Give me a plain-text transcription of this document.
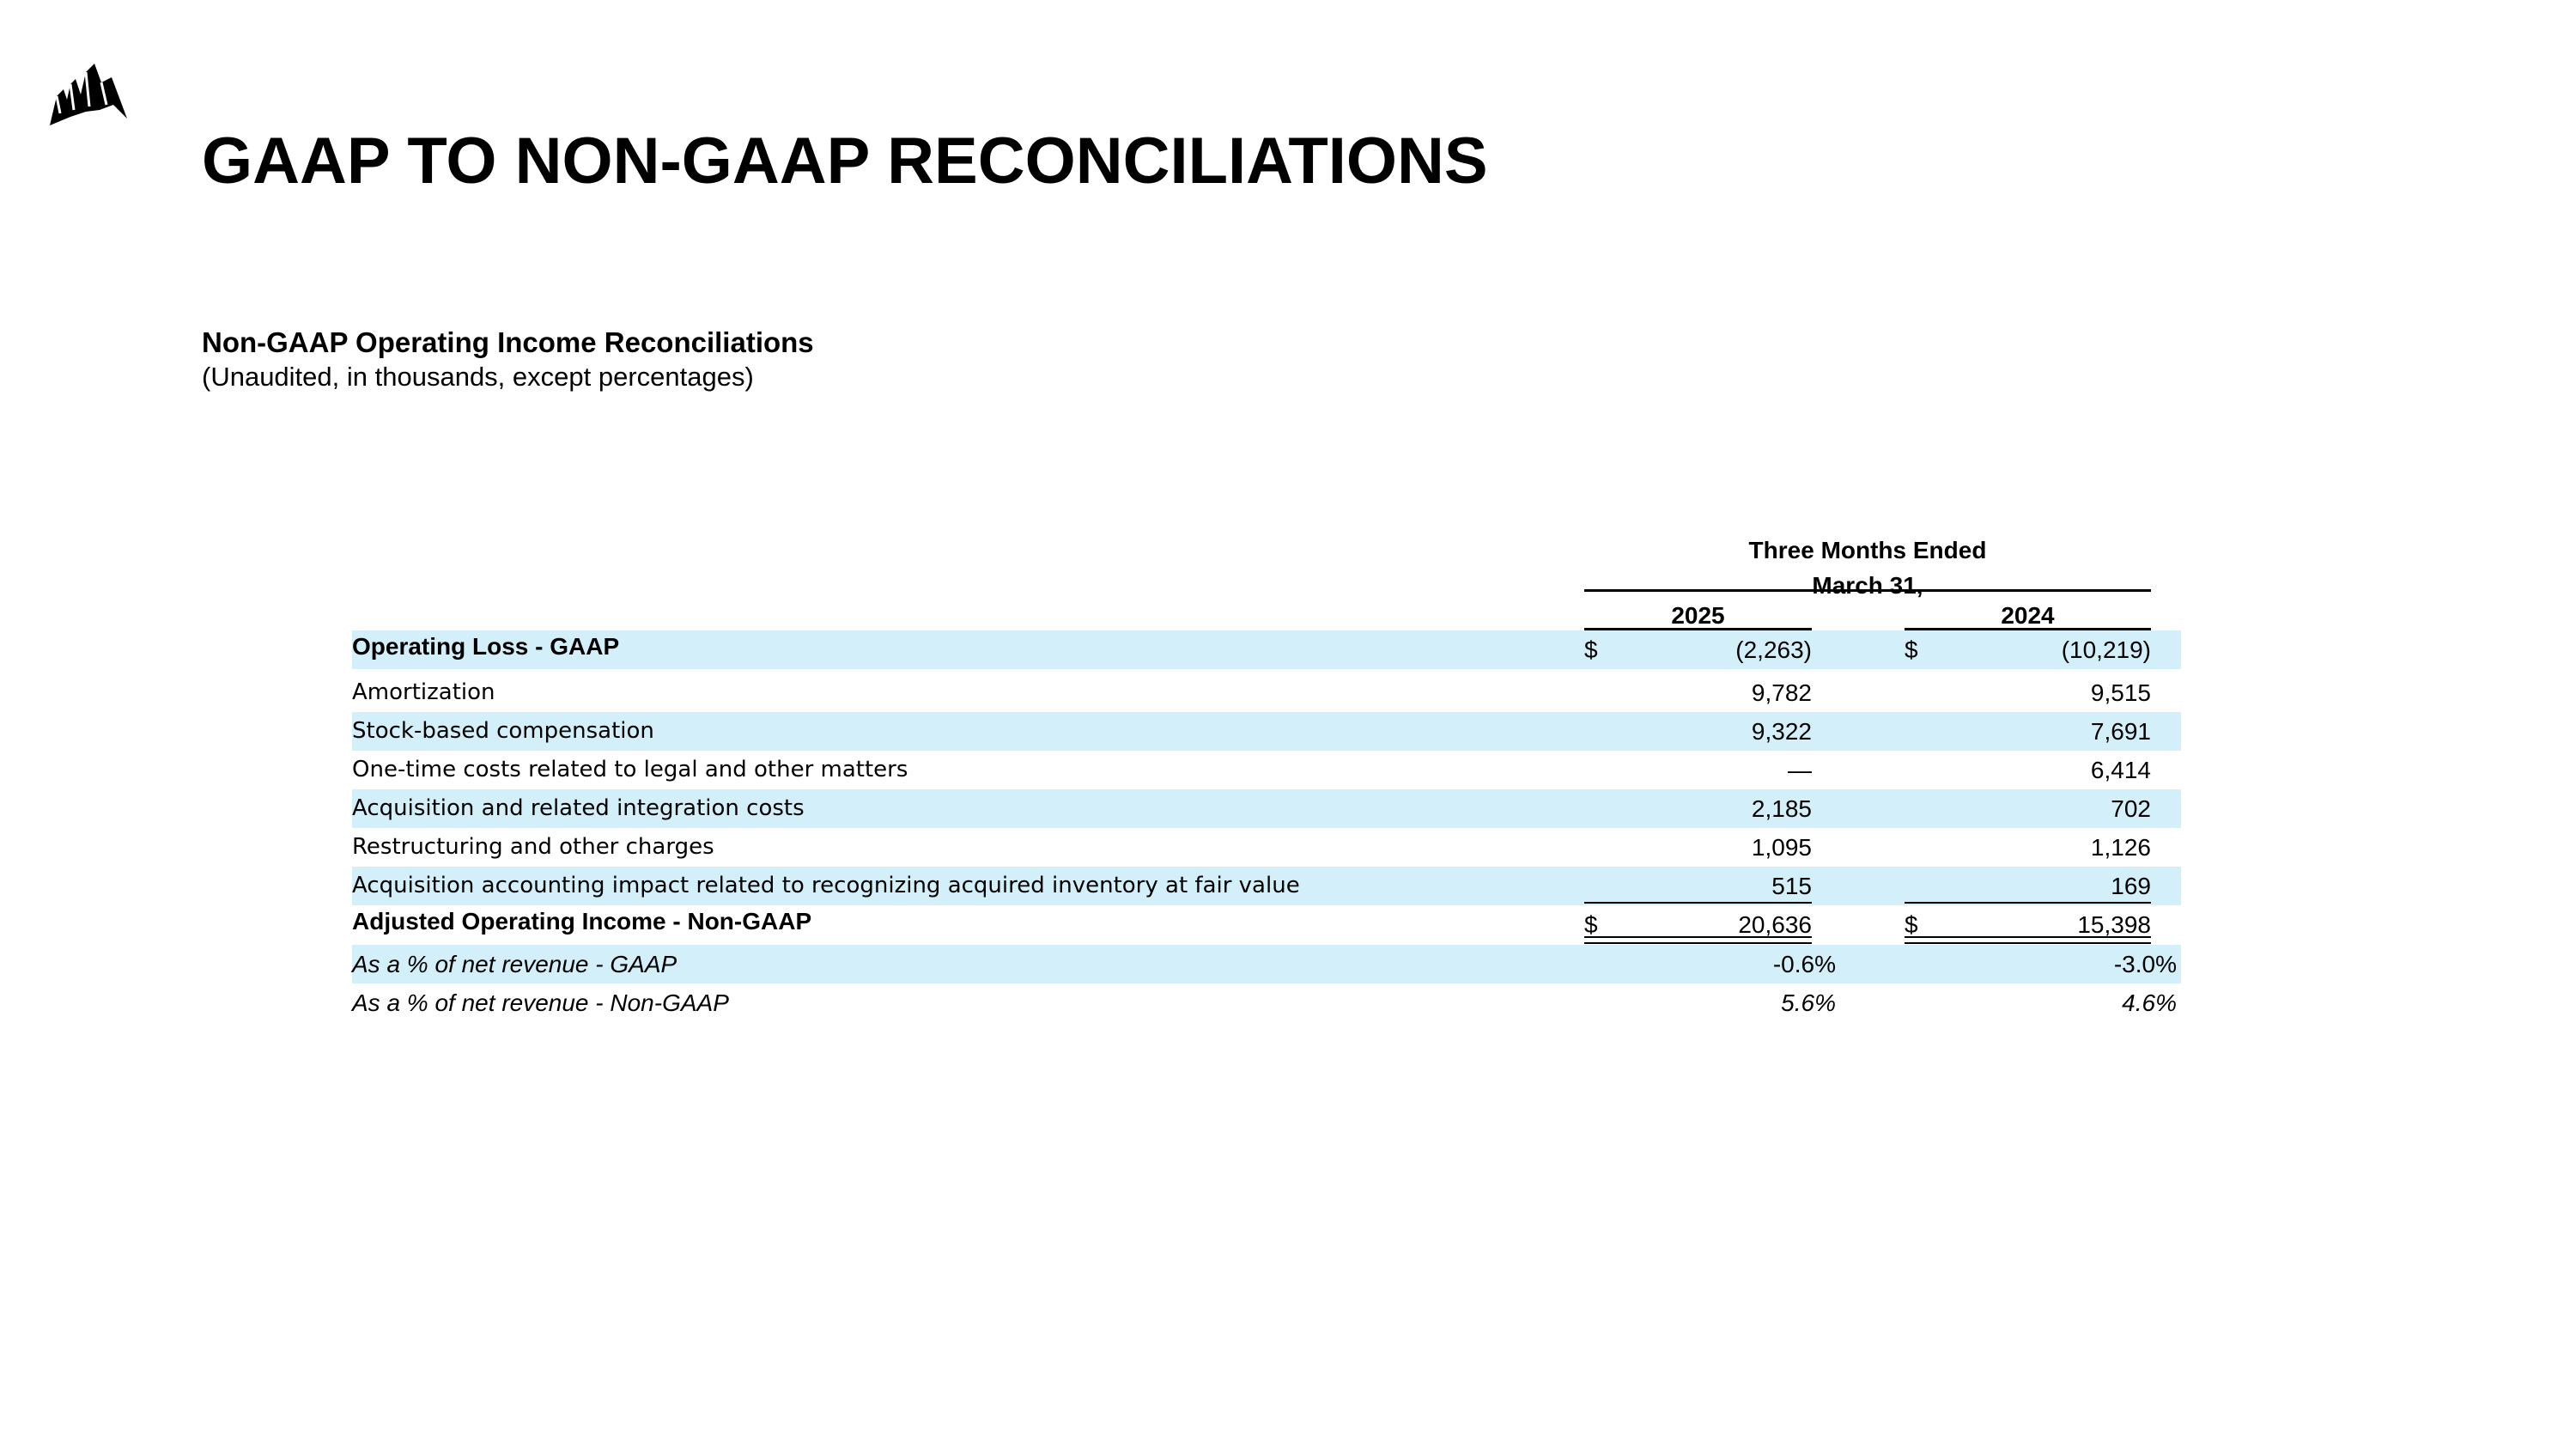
GAAP TO NON-GAAP RECONCILIATIONS
Non-GAAP Operating Income Reconciliations
(Unaudited, in thousands, except percentages)
Three Months Ended
March 31,
2025	2024
Operating Loss - GAAP	$	(2,263)	$	(10,219)
Amortization	9,782	9,515
Stock-based compensation	9,322	7,691
One-time costs related to legal and other matters	—	6,414
Acquisition and related integration costs	2,185	702
Restructuring and other charges	1,095	1,126
Acquisition accounting impact related to recognizing acquired inventory at fair value	515	169
Adjusted Operating Income - Non-GAAP	$	20,636	$	15,398
As a % of net revenue - GAAP	-0.6%	-3.0%
As a % of net revenue - Non-GAAP	5.6%	4.6%
